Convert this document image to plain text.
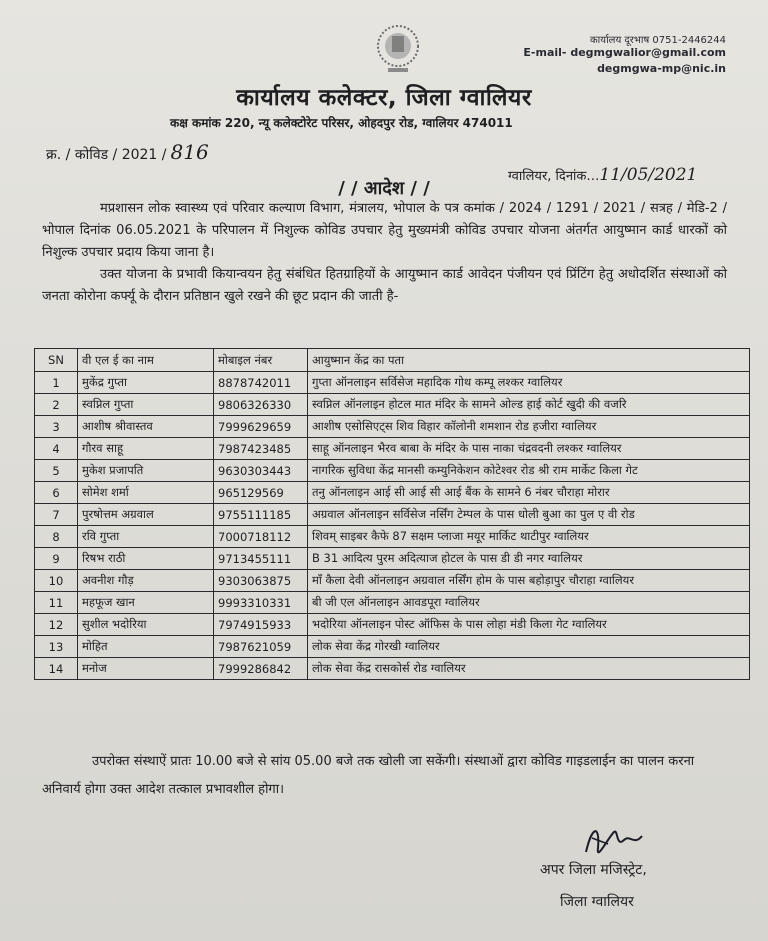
कार्यालय दूरभाष 0751-2446244
E-mail- degmgwalior@gmail.com
degmgwa-mp@nic.in
कार्यालय कलेक्टर, जिला ग्वालियर
कक्ष कमांक 220, न्यू कलेक्टोरेट परिसर, ओहदपुर रोड, ग्वालियर 474011
क्र. / कोविड / 2021 / 816
ग्वालियर, दिनांक…11/05/2021
/ / आदेश / /
मप्रशासन लोक स्वास्थ्य एवं परिवार कल्याण विभाग, मंत्रालय, भोपाल के पत्र कमांक / 2024 / 1291 / 2021 / सत्रह / मेडि-2 / भोपाल दिनांक 06.05.2021 के परिपालन में निशुल्क कोविड उपचार हेतु मुख्यमंत्री कोविड उपचार योजना अंतर्गत आयुष्मान कार्ड धारकों को निशुल्क उपचार प्रदाय किया जाना है।
उक्त योजना के प्रभावी कियान्वयन हेतु संबंधित हितग्राहियों के आयुष्मान कार्ड आवेदन पंजीयन एवं प्रिंटिंग हेतु अधोदर्शित संस्थाओं को जनता कोरोना कर्फ्यू के दौरान प्रतिष्ठान खुले रखने की छूट प्रदान की जाती है-
SN	वी एल ई का नाम	मोबाइल नंबर	आयुष्मान केंद्र का पता
1	मुकेंद्र गुप्ता	8878742011	गुप्ता ऑनलाइन सर्विसेज महादिक गोथ कम्पू लश्कर ग्वालियर
2	स्वप्निल गुप्ता	9806326330	स्वप्निल ऑनलाइन होटल मात मंदिर के सामने ओल्ड हाई कोर्ट खुदी की वजरि
3	आशीष श्रीवास्तव	7999629659	आशीष एसोसिएट्स शिव विहार कॉलोनी शमशान रोड हजीरा ग्वालियर
4	गौरव साहू	7987423485	साहू ऑनलाइन भैरव बाबा के मंदिर के पास नाका चंद्रवदनी लश्कर ग्वालियर
5	मुकेश प्रजापति	9630303443	नागरिक सुविधा केंद्र मानसी कम्युनिकेशन कोटेश्वर रोड श्री राम मार्केट किला गेट
6	सोमेश शर्मा	965129569	तनु ऑनलाइन आई सी आई सी आई बैंक के सामने 6 नंबर चौराहा मोरार
7	पुरषोत्तम अग्रवाल	9755111185	अग्रवाल ऑनलाइन सर्विसेज नर्सिंग टेम्पल के पास धोली बुआ का पुल ए वी रोड
8	रवि गुप्ता	7000718112	शिवम् साइबर कैफे 87 सक्षम प्लाजा मयूर मार्किट थाटीपुर ग्वालियर
9	रिषभ राठी	9713455111	B 31 आदित्य पुरम अदित्याज होटल के पास डी डी नगर ग्वालियर
10	अवनीश गौड़	9303063875	माँ कैला देवी ऑनलाइन अग्रवाल नर्सिंग होम के पास बहोड़ापुर चौराहा ग्वालियर
11	महफूज खान	9993310331	बी जी एल ऑनलाइन आवडपूरा ग्वालियर
12	सुशील भदोरिया	7974915933	भदोरिया ऑनलाइन पोस्ट ऑफिस के पास लोहा मंडी किला गेट ग्वालियर
13	मोहित	7987621059	लोक सेवा केंद्र गोरखी ग्वालियर
14	मनोज	7999286842	लोक सेवा केंद्र रासकोर्स रोड ग्वालियर
उपरोक्त संस्थाऐं प्रातः 10.00 बजे से सांय 05.00 बजे तक खोली जा सकेंगी। संस्थाओं द्वारा कोविड गाइडलाईन का पालन करना अनिवार्य होगा उक्त आदेश तत्काल प्रभावशील होगा।
अपर जिला मजिस्ट्रेट,
जिला ग्वालियर
